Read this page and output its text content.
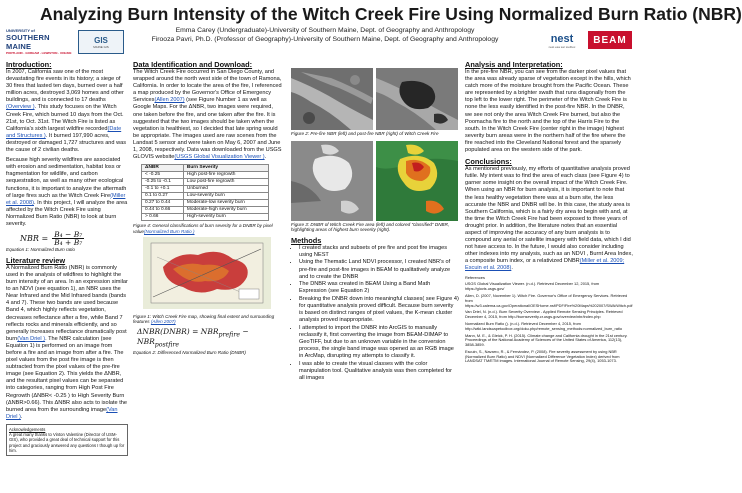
Analyzing Burn Intensity of the Witch Creek Fire Using Normalized Burn Ratio (NBR)
Emma Carey (Undergraduate)-University of Southern Maine, Dept. of Geography and Anthropology
Firooza Pavri, Ph.D. (Professor of Geography)-University of Southern Maine, Dept. of Geography and Anthropology
UNIVERSITY of
SOUTHERN MAINE
PORTLAND · GORHAM · LEWISTON · ONLINE
GIS
MAINE GIS
nest
nest esa sar toolbox
BEAM
Introduction:

In 2007, California saw one of the most devastating fire events in its history; a siege of 30 fires that lasted ten days, burned over a half million acres, destroyed 3,069 homes and other buildings, and is connected to 17 deaths (Overview ). This study focuses on the Witch Creek Fire, which burned 10 days from the Oct. 21st, to Oct. 31st. The Witch Fire is listed as California's sixth largest wildfire recorded(Date and Structures ). It burned 197,990 acres, destroyed or damaged 1,727 structures and was the cause of 2 civilian deaths.

Because high severity wildfires are associated with erosion and sedimentation, habitat loss or fragmentation for wildlife, and carbon sequestration, as well as many other ecological functions, it is important to analyze the aftermath of large fires such as the Witch Creek Fire(Miller et al. 2008). In this project, I will analyze the area affected by the Witch Creek Fire using Normalized Burn Ratio (NBR) to look at burn severity.

NBR = $\frac{\text{B₄ − B₇}}{\text{B₄ + B₇}}$
Equation 1: Normalized Burn ratio
Literature review

A Normalized Burn Ratio (NBR) is commonly used in the analysis of wildfires to highlight the burn intensity of an area. In an expression similar to an NDVI (see equation 1), an NBR uses the Near Infrared and the Mid Infrared bands (bands 4 and 7). These two bands are used because Band 4, which highly reflects vegetation, decreases reflectance after a fire, while Band 7 reflects rocks and minerals efficiently, and so generally increases reflectance dramatically post burn(Van Driel ). The NBR calculation (see Equation 1) is performed on an image from before a fire and an image from after a fire. The pixel values from the post fire image is then subtracted from the pixel values of the pre-fire image (see Equation 2). This yields the ΔNBR, and the resultant pixel values can be separated into categories, ranging from High Post Fire Regrowth (ΔNBR< -0.25 ) to High Severity Burn (ΔNBR>0.66). This ΔNBR also acts to isolate the burned area from the surrounding image(Van Driel ).

Acknowledgements
A great many thanks to Vinton Valentine (Director of USM-GIS), who provided a great deal of technical support for this project and graciously answered any questions I though up for him.
Data Identification and Download:

The Witch Creek Fire occurred in San Diego County, and wrapped around the north west side of the town of Ramona, California. In order to locate the area of the fire, I referenced a map produced by the Governor's Office of Emergency Services(Allen 2007) (see Figure Number 1 as well as Google Maps. For the ΔNBR, two images were required, one taken before the fire, and one taken after the fire. It is suggested that the two images should be taken when the vegetation is healthiest, so I decided that late spring would be appropriate. The images used are raw scenes from the Landsat 5 sensor and were taken on May 6, 2007 and June 1, 2008, respectively. Data was downloaded from the USGS GLOVIS website(USGS Global Visualization Viewer ).

ΔNBR	Burn Severity
< -0.25	High post-fire regrowth
-0.25 to -0.1	Low post-fire regrowth
-0.1 to +0.1	Unburned
0.1 to 0.27	Low-severity burn
0.27 to 0.44	Moderate-low severity burn
0.44 to 0.66	Moderate-high severity burn
> 0.66	High-severity burn
Figure 4: General classifications of burn severity for a DNBR by pixel value(Normalized Burn Ratio )
Figure 1: Witch Creek Fire map, showing final extent and surrounding features (Allen 2007)
ΔNBR(DNBR) = $NBR_{prefire} - NBR_{postfire}$
Equation 2: Differenced Normalized Burn Ratio (DNBR)
Figure 2: Pre-fire NBR (left) and post-fire NBR (right) of Witch Creek Fire
Figure 3: DNBR of Witch Creek Fire area (left) and colored "classified" DNBR, highlighting areas of highest burn severity (right).
Methods
• I created stacks and subsets of pre fire and post fire images using NEST
• Using the Thematic Land NDVI processor, I created NBR's of pre-fire and post-fire images in BEAM to qualitatively analyze and to create the DNBR
• The DNBR was created in BEAM Using a Band Math Expression (see Equation 2)
• Breaking the DNBR down into meaningful classes( see Figure 4) for quantitative analysis proved difficult. Because burn severity is based on distinct ranges of pixel values, the K-mean cluster analysis proved inappropriate.
• I attempted to import the DNBR into ArcGIS to manually reclassify it, first converting the image from BEAM-DIMAP to GeoTIFF, but due to an unknown variable in the conversion process, the single band image was opened as an RGB image in ArcMap, disrupting my attempts to classify it.
• I was able to create the visual classes with the color manipulation tool. Qualitative analysis was then completed for all images
Analysis and Interpretation:

In the pre-fire NBR, you can see from the darker pixel values that the area was already sparse of vegetation except in the hills, which catch more of the moisture brought from the Pacific Ocean. These are represented by a brighter swath that runs diagonally from the top left to the lower right. The perimeter of the Witch Creek Fire is none the less easily identified in the post-fire NBR. In the DNBR, we see not only the area Witch Creek Fire burned, but also the Poomacha fire to the north and the top of the Harris Fire to the south. In the Witch Creek Fire (center right in the image) highest severity burn areas were in the northern half of the fire where the fire reached into the Cleveland National forest and the sparsely populated area on the western side of the park.

Conclusions:

As mentioned previously, my efforts of quantitative analysis proved futile. My intent was to find the area of each class (see Figure 4) to garner some insight on the overall impact of the Witch Creek Fire. When using an NBR for burn analysis, it is important to note that the less healthy vegetation there was at a burn site, the less accurate the NBR and DNBR will be. In this case, the study area is Southern California, which is a fairly dry area to begin with and, at the time the Witch Creek Fire had been exposed to three years of drought prior. In addition, the literature notes that an essential aspect of improving the accuracy of any burn analysis is to compound any aerial or satellite imagery with field data, which I did not have access to. In the future, I would also consider including other indexes into my analysis, such as an NDVI , Burnt Area Index, a composite burn index, or a relativized DNBR(Miller et al. 2009; Escuin et al. 2008).

References

USGS Global Visualization Viewer. (n.d.). Retrieved December 12, 2015, from https://glovis.usgs.gov/

Allen, D. (2007, November 1). Witch Fire. Governor's Office of Emergency Services. Retrieved from https://w3.calema.ca.gov/Operational/OESHome.nsf/PDF/Fire%20Maps%202007/SWA/Witch.pdf

Van Driel, N. (n.d.). Burn Severity Overview - Applied Remote Sensing Principles. Retrieved December 4, 2015, from http://burnseverity.cr.usgs.gov/overview/nbr/index.php

Normalized Burn Ratio (). (n.d.). Retrieved December 4, 2015, from http://wiki.landscapetoolbox.org/doku.php/remote_sensing_methods:normalized_burn_ratio

Mann, M. E., & Gleick, P. H. (2015). Climate change and California drought in the 21st century. Proceedings of the National Academy of Sciences of the United States of America, 112(13), 3858-3859.

Escuin, S., Navarro, R., & Fernández, P. (2008). Fire severity assessment by using NBR (Normalized Burn Ratio) and NDVI (Normalized Difference Vegetation Index) derived from LANDSAT TM/ETM images. International Journal of Remote Sensing, 29(4), 1053-1073.
